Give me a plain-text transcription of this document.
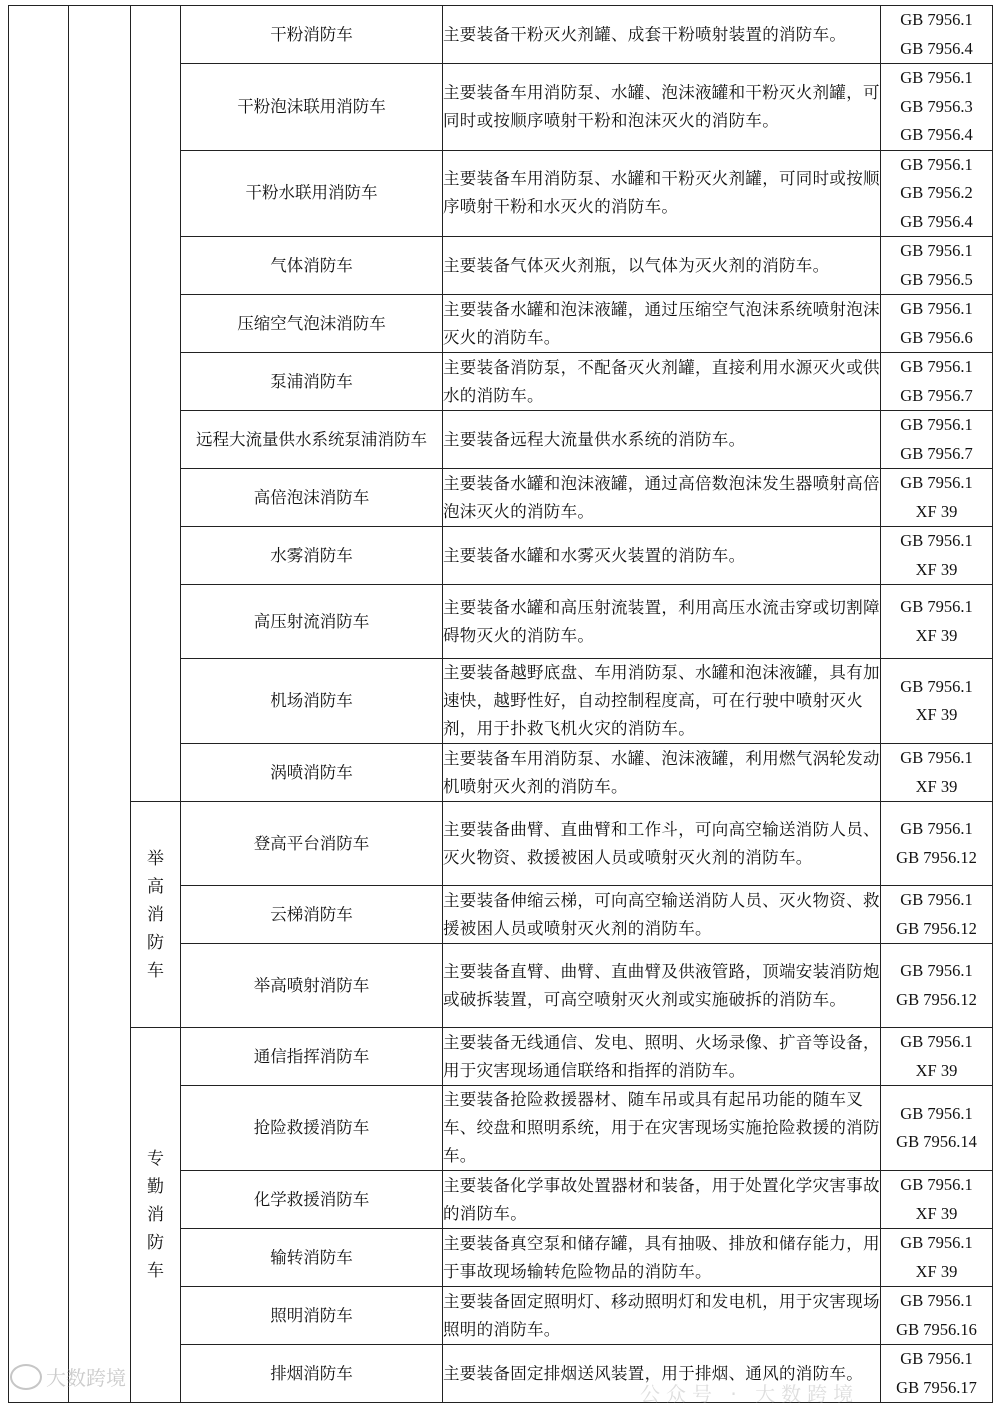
			干粉消防车	主要装备干粉灭火剂罐、成套干粉喷射装置的消防车。	GB 7956.1
GB 7956.4

			干粉泡沫联用消防车	主要装备车用消防泵、水罐、泡沫液罐和干粉灭火剂罐，可同时或按顺序喷射干粉和泡沫灭火的消防车。	GB 7956.1
GB 7956.3
GB 7956.4

			干粉水联用消防车	主要装备车用消防泵、水罐和干粉灭火剂罐，可同时或按顺序喷射干粉和水灭火的消防车。	GB 7956.1
GB 7956.2
GB 7956.4

			气体消防车	主要装备气体灭火剂瓶，以气体为灭火剂的消防车。	GB 7956.1
GB 7956.5

			压缩空气泡沫消防车	主要装备水罐和泡沫液罐，通过压缩空气泡沫系统喷射泡沫灭火的消防车。	GB 7956.1
GB 7956.6

			泵浦消防车	主要装备消防泵，不配备灭火剂罐，直接利用水源灭火或供水的消防车。	GB 7956.1
GB 7956.7

			远程大流量供水系统泵浦消防车	主要装备远程大流量供水系统的消防车。	GB 7956.1
GB 7956.7

			高倍泡沫消防车	主要装备水罐和泡沫液罐，通过高倍数泡沫发生器喷射高倍泡沫灭火的消防车。	GB 7956.1
XF 39

			水雾消防车	主要装备水罐和水雾灭火装置的消防车。	GB 7956.1
XF 39

			高压射流消防车	主要装备水罐和高压射流装置，利用高压水流击穿或切割障碍物灭火的消防车。	GB 7956.1
XF 39

			机场消防车	主要装备越野底盘、车用消防泵、水罐和泡沫液罐，具有加速快，越野性好，自动控制程度高，可在行驶中喷射灭火剂，用于扑救飞机火灾的消防车。	GB 7956.1
XF 39

			涡喷消防车	主要装备车用消防泵、水罐、泡沫液罐，利用燃气涡轮发动机喷射灭火剂的消防车。	GB 7956.1
XF 39

		举高消防车	登高平台消防车	主要装备曲臂、直曲臂和工作斗，可向高空输送消防人员、灭火物资、救援被困人员或喷射灭火剂的消防车。	GB 7956.1
GB 7956.12

			云梯消防车	主要装备伸缩云梯，可向高空输送消防人员、灭火物资、救援被困人员或喷射灭火剂的消防车。	GB 7956.1
GB 7956.12

			举高喷射消防车	主要装备直臂、曲臂、直曲臂及供液管路，顶端安装消防炮或破拆装置，可高空喷射灭火剂或实施破拆的消防车。	GB 7956.1
GB 7956.12

		专勤消防车	通信指挥消防车	主要装备无线通信、发电、照明、火场录像、扩音等设备，用于灾害现场通信联络和指挥的消防车。	GB 7956.1
XF 39

			抢险救援消防车	主要装备抢险救援器材、随车吊或具有起吊功能的随车叉车、绞盘和照明系统，用于在灾害现场实施抢险救援的消防车。	GB 7956.1
GB 7956.14

			化学救援消防车	主要装备化学事故处置器材和装备，用于处置化学灾害事故的消防车。	GB 7956.1
XF 39

			输转消防车	主要装备真空泵和储存罐，具有抽吸、排放和储存能力，用于事故现场输转危险物品的消防车。	GB 7956.1
XF 39

			照明消防车	主要装备固定照明灯、移动照明灯和发电机，用于灾害现场照明的消防车。	GB 7956.1
GB 7956.16

			排烟消防车	主要装备固定排烟送风装置，用于排烟、通风的消防车。	GB 7956.1
GB 7956.17
大数跨境
公众号 · 大数跨境
